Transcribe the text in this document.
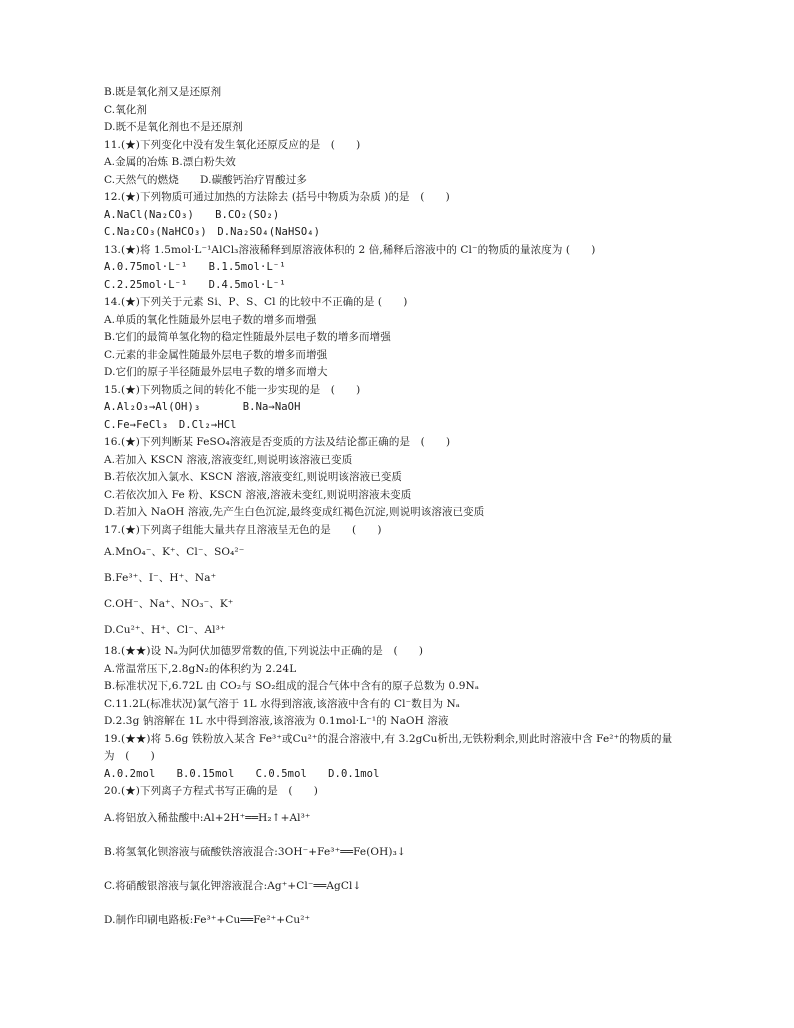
B.既是氧化剂又是还原剂
C.氧化剂
D.既不是氧化剂也不是还原剂
11.(★)下列变化中没有发生氧化还原反应的是　(　　)
A.金属的冶炼 B.漂白粉失效
C.天然气的燃烧　　D.碳酸钙治疗胃酸过多
12.(★)下列物质可通过加热的方法除去 (括号中物质为杂质 )的是　(　　)
A.NaCl(Na₂CO₃)　　B.CO₂(SO₂)
C.Na₂CO₃(NaHCO₃)　D.Na₂SO₄(NaHSO₄)
13.(★)将 1.5mol·L⁻¹AlCl₃溶液稀释到原溶液体积的 2 倍,稀释后溶液中的 Cl⁻的物质的量浓度为 (　　)
A.0.75mol·L⁻¹　　B.1.5mol·L⁻¹
C.2.25mol·L⁻¹　　D.4.5mol·L⁻¹
14.(★)下列关于元素 Si、P、S、Cl 的比较中不正确的是 (　　)
A.单质的氧化性随最外层电子数的增多而增强
B.它们的最简单氢化物的稳定性随最外层电子数的增多而增强
C.元素的非金属性随最外层电子数的增多而增强
D.它们的原子半径随最外层电子数的增多而增大
15.(★)下列物质之间的转化不能一步实现的是　(　　)
A.Al₂O₃→Al(OH)₃　　　　B.Na→NaOH
C.Fe→FeCl₃　D.Cl₂→HCl
16.(★)下列判断某 FeSO₄溶液是否变质的方法及结论都正确的是　(　　)
A.若加入 KSCN 溶液,溶液变红,则说明该溶液已变质
B.若依次加入氯水、KSCN 溶液,溶液变红,则说明该溶液已变质
C.若依次加入 Fe 粉、KSCN 溶液,溶液未变红,则说明溶液未变质
D.若加入 NaOH 溶液,先产生白色沉淀,最终变成红褐色沉淀,则说明该溶液已变质
17.(★)下列离子组能大量共存且溶液呈无色的是　　(　　)
A.MnO₄⁻、K⁺、Cl⁻、SO₄²⁻
B.Fe³⁺、I⁻、H⁺、Na⁺
C.OH⁻、Na⁺、NO₃⁻、K⁺
D.Cu²⁺、H⁺、Cl⁻、Al³⁺
18.(★★)设 Nₐ为阿伏加德罗常数的值,下列说法中正确的是　(　　)
A.常温常压下,2.8gN₂的体积约为 2.24L
B.标准状况下,6.72L 由 CO₂与 SO₂组成的混合气体中含有的原子总数为 0.9Nₐ
C.11.2L(标准状况)氯气溶于 1L 水得到溶液,该溶液中含有的 Cl⁻数目为 Nₐ
D.2.3g 钠溶解在 1L 水中得到溶液,该溶液为 0.1mol·L⁻¹的 NaOH 溶液
19.(★★)将 5.6g 铁粉放入某含 Fe³⁺或Cu²⁺的混合溶液中,有 3.2gCu析出,无铁粉剩余,则此时溶液中含 Fe²⁺的物质的量
为　(　　)
A.0.2mol　　B.0.15mol　　C.0.5mol　　D.0.1mol
20.(★)下列离子方程式书写正确的是　(　　)
A.将铝放入稀盐酸中:Al+2H⁺══H₂↑+Al³⁺
B.将氢氧化钡溶液与硫酸铁溶液混合:3OH⁻+Fe³⁺══Fe(OH)₃↓
C.将硝酸银溶液与氯化钾溶液混合:Ag⁺+Cl⁻══AgCl↓
D.制作印刷电路板:Fe³⁺+Cu══Fe²⁺+Cu²⁺
